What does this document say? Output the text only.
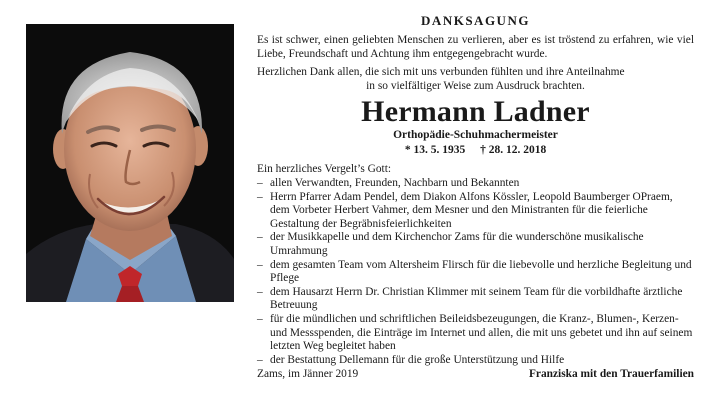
DANKSAGUNG
Es ist schwer, einen geliebten Menschen zu verlieren, aber es ist tröstend zu erfahren, wie viel Liebe, Freundschaft und Achtung ihm entgegengebracht wurde.
Herzlichen Dank allen, die sich mit uns verbunden fühlten und ihre Anteilnahme
in so vielfältiger Weise zum Ausdruck brachten.
Hermann Ladner
Orthopädie-Schuhmachermeister
* 13. 5. 1935 † 28. 12. 2018
Ein herzliches Vergelt’s Gott:
– allen Verwandten, Freunden, Nachbarn und Bekannten
– Herrn Pfarrer Adam Pendel, dem Diakon Alfons Kössler, Leopold Baumberger OPraem, dem Vorbeter Herbert Vahmer, dem Mesner und den Ministranten für die feierliche Gestaltung der Begräbnisfeierlichkeiten
– der Musikkapelle und dem Kirchenchor Zams für die wunderschöne musikalische Umrahmung
– dem gesamten Team vom Altersheim Flirsch für die liebevolle und herzliche Begleitung und Pflege
– dem Hausarzt Herrn Dr. Christian Klimmer mit seinem Team für die vorbildhafte ärztliche Betreuung
– für die mündlichen und schriftlichen Beileidsbezeugungen, die Kranz-, Blumen-, Kerzen- und Messspenden, die Einträge im Internet und allen, die mit uns gebetet und ihn auf seinem letzten Weg begleitet haben
– der Bestattung Dellemann für die große Unterstützung und Hilfe
Zams, im Jänner 2019	Franziska mit den Trauerfamilien
